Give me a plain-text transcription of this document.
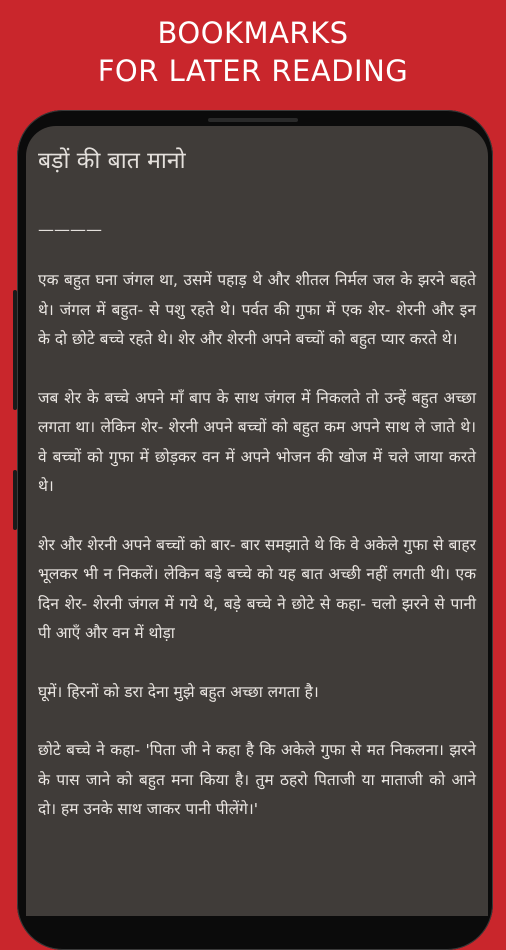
BOOKMARKS
FOR LATER READING
बड़ों की बात मानो
————

एक बहुत घना जंगल था, उसमें पहाड़ थे और शीतल निर्मल जल के झरने बहते थे। जंगल में बहुत- से पशु रहते थे। पर्वत की गुफा में एक शेर- शेरनी और इन के दो छोटे बच्चे रहते थे। शेर और शेरनी अपने बच्चों को बहुत प्यार करते थे।

जब शेर के बच्चे अपने माँ बाप के साथ जंगल में निकलते तो उन्हें बहुत अच्छा लगता था। लेकिन शेर- शेरनी अपने बच्चों को बहुत कम अपने साथ ले जाते थे। वे बच्चों को गुफा में छोड़कर वन में अपने भोजन की खोज में चले जाया करते थे।

शेर और शेरनी अपने बच्चों को बार- बार समझाते थे कि वे अकेले गुफा से बाहर भूलकर भी न निकलें। लेकिन बड़े बच्चे को यह बात अच्छी नहीं लगती थी। एक दिन शेर- शेरनी जंगल में गये थे, बड़े बच्चे ने छोटे से कहा- चलो झरने से पानी पी आएँ और वन में थोड़ा

घूमें। हिरनों को डरा देना मुझे बहुत अच्छा लगता है।

छोटे बच्चे ने कहा- 'पिता जी ने कहा है कि अकेले गुफा से मत निकलना। झरने के पास जाने को बहुत मना किया है। तुम ठहरो पिताजी या माताजी को आने दो। हम उनके साथ जाकर पानी पीलेंगे।'
